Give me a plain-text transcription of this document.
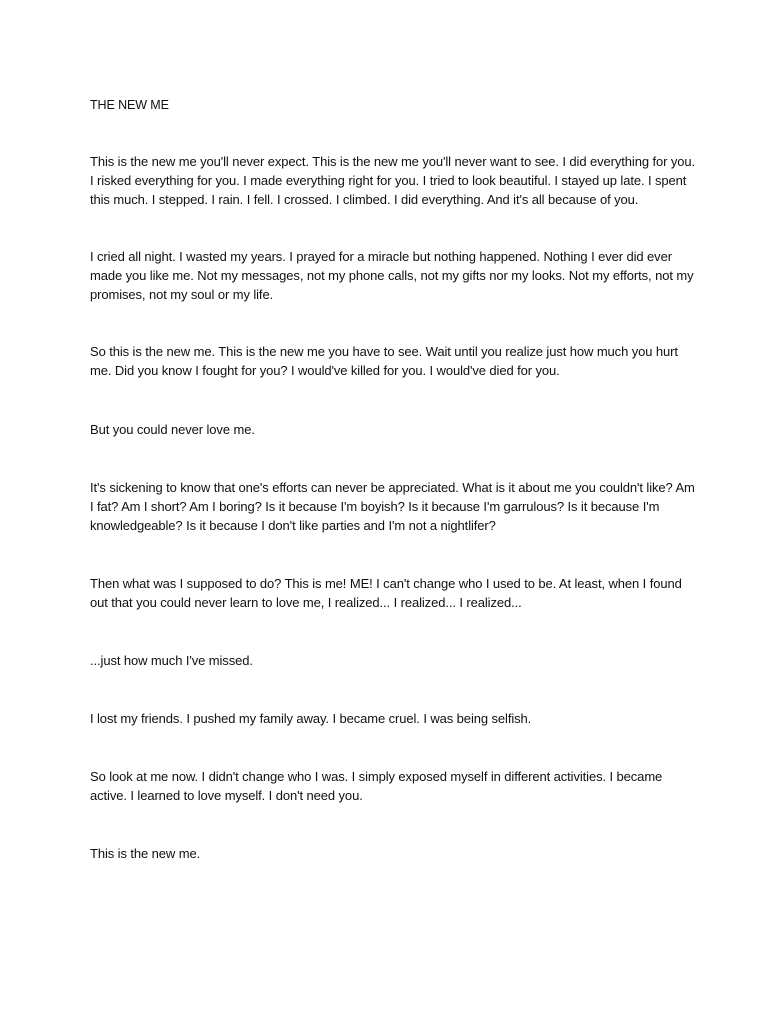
THE NEW ME

This is the new me you'll never expect. This is the new me you'll never want to see. I did everything for you. I risked everything for you. I made everything right for you. I tried to look beautiful. I stayed up late. I spent this much. I stepped. I rain. I fell. I crossed. I climbed. I did everything. And it's all because of you.

I cried all night. I wasted my years. I prayed for a miracle but nothing happened. Nothing I ever did ever made you like me. Not my messages, not my phone calls, not my gifts nor my looks. Not my efforts, not my promises, not my soul or my life.

So this is the new me. This is the new me you have to see. Wait until you realize just how much you hurt me. Did you know I fought for you? I would've killed for you. I would've died for you.

But you could never love me.

It's sickening to know that one's efforts can never be appreciated. What is it about me you couldn't like? Am I fat? Am I short? Am I boring? Is it because I'm boyish? Is it because I'm garrulous? Is it because I'm knowledgeable? Is it because I don't like parties and I'm not a nightlifer?

Then what was I supposed to do? This is me! ME! I can't change who I used to be. At least, when I found out that you could never learn to love me, I realized... I realized... I realized...

...just how much I've missed.

I lost my friends. I pushed my family away. I became cruel. I was being selfish.

So look at me now. I didn't change who I was. I simply exposed myself in different activities. I became active. I learned to love myself. I don't need you.

This is the new me.
